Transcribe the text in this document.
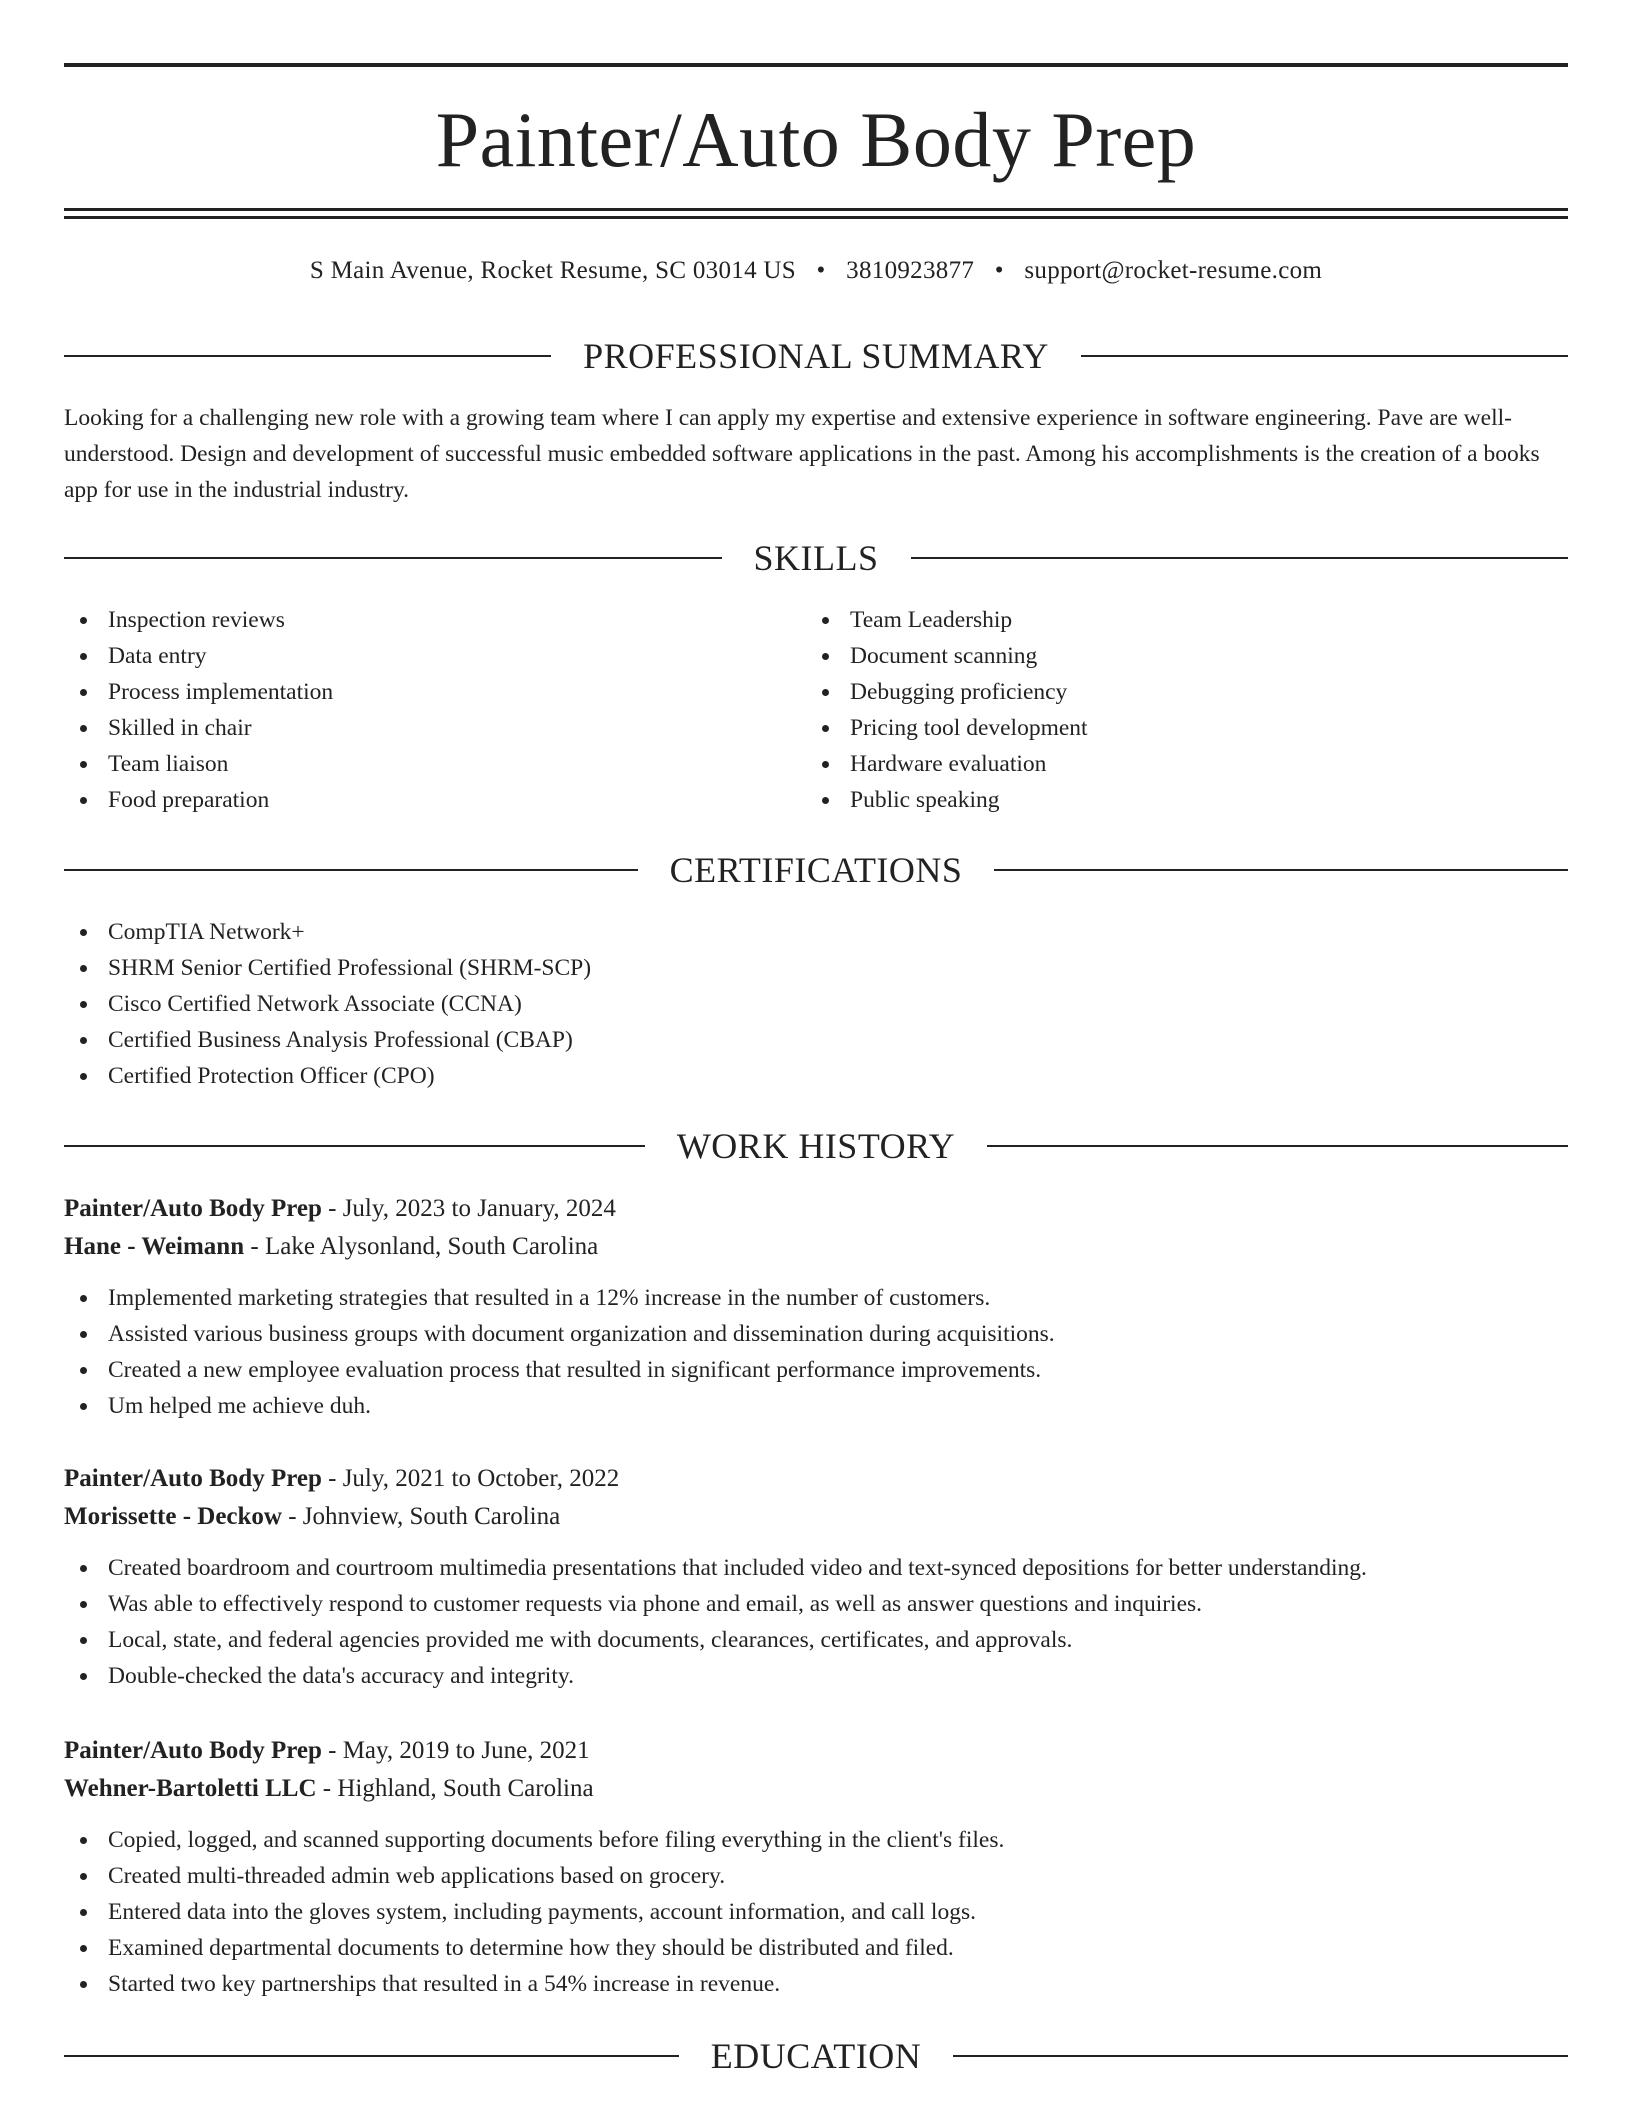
Painter/Auto Body Prep
S Main Avenue, Rocket Resume, SC 03014 US • 3810923877 • support@rocket-resume.com
PROFESSIONAL SUMMARY
Looking for a challenging new role with a growing team where I can apply my expertise and extensive experience in software engineering. Pave are well-understood. Design and development of successful music embedded software applications in the past. Among his accomplishments is the creation of a books app for use in the industrial industry.
SKILLS
Inspection reviews
Data entry
Process implementation
Skilled in chair
Team liaison
Food preparation
Team Leadership
Document scanning
Debugging proficiency
Pricing tool development
Hardware evaluation
Public speaking
CERTIFICATIONS
CompTIA Network+
SHRM Senior Certified Professional (SHRM-SCP)
Cisco Certified Network Associate (CCNA)
Certified Business Analysis Professional (CBAP)
Certified Protection Officer (CPO)
WORK HISTORY
Painter/Auto Body Prep - July, 2023 to January, 2024
Hane - Weimann - Lake Alysonland, South Carolina
Implemented marketing strategies that resulted in a 12% increase in the number of customers.
Assisted various business groups with document organization and dissemination during acquisitions.
Created a new employee evaluation process that resulted in significant performance improvements.
Um helped me achieve duh.
Painter/Auto Body Prep - July, 2021 to October, 2022
Morissette - Deckow - Johnview, South Carolina
Created boardroom and courtroom multimedia presentations that included video and text-synced depositions for better understanding.
Was able to effectively respond to customer requests via phone and email, as well as answer questions and inquiries.
Local, state, and federal agencies provided me with documents, clearances, certificates, and approvals.
Double-checked the data's accuracy and integrity.
Painter/Auto Body Prep - May, 2019 to June, 2021
Wehner-Bartoletti LLC - Highland, South Carolina
Copied, logged, and scanned supporting documents before filing everything in the client's files.
Created multi-threaded admin web applications based on grocery.
Entered data into the gloves system, including payments, account information, and call logs.
Examined departmental documents to determine how they should be distributed and filed.
Started two key partnerships that resulted in a 54% increase in revenue.
EDUCATION
